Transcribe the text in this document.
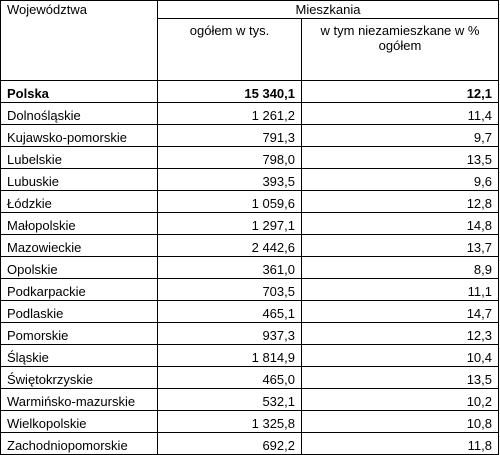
Województwa	Mieszkania	
	ogółem w tys.	w tym niezamieszkane w % ogółem
Polska	15 340,1	12,1
Dolnośląskie	1 261,2	11,4
Kujawsko-pomorskie	791,3	9,7
Lubelskie	798,0	13,5
Lubuskie	393,5	9,6
Łódzkie	1 059,6	12,8
Małopolskie	1 297,1	14,8
Mazowieckie	2 442,6	13,7
Opolskie	361,0	8,9
Podkarpackie	703,5	11,1
Podlaskie	465,1	14,7
Pomorskie	937,3	12,3
Śląskie	1 814,9	10,4
Świętokrzyskie	465,0	13,5
Warmińsko-mazurskie	532,1	10,2
Wielkopolskie	1 325,8	10,8
Zachodniopomorskie	692,2	11,8
